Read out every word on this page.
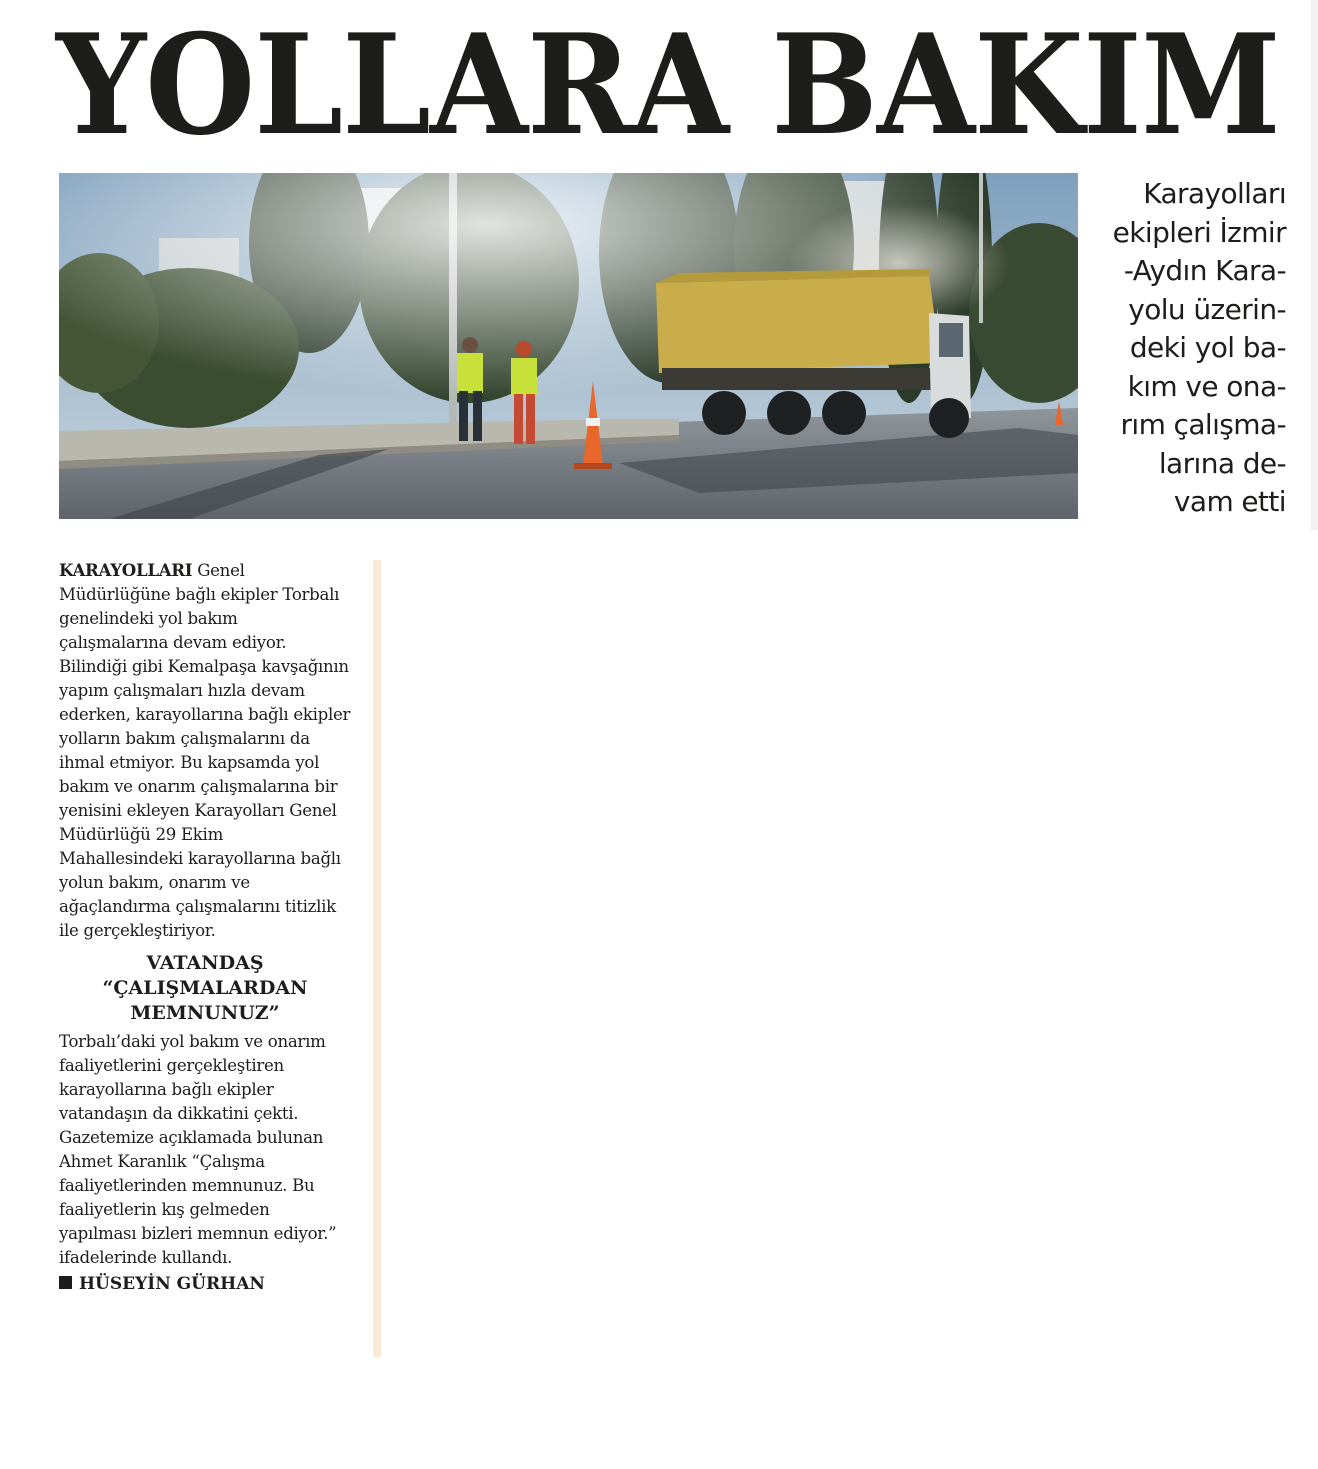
YOLLARA BAKIM
Karayolları
ekipleri İzmir
-Aydın Kara-
yolu üzerin-
deki yol ba-
kım ve ona-
rım çalışma-
larına de-
vam etti

KARAYOLLARI Genel Müdürlüğüne bağlı ekipler Torbalı genelindeki yol bakım çalışmalarına devam ediyor. Bilindiği gibi Kemalpaşa kavşağının yapım çalışmaları hızla devam ederken, karayollarına bağlı ekipler yolların bakım çalışmalarını da ihmal etmiyor. Bu kapsamda yol bakım ve onarım çalışmalarına bir yenisini ekleyen Karayolları Genel Müdürlüğü 29 Ekim Mahallesindeki karayollarına bağlı yolun bakım, onarım ve ağaçlandırma çalışmalarını titizlik ile gerçekleştiriyor.

VATANDAŞ
“ÇALIŞMALARDAN
MEMNUNUZ”

Torbalı’daki yol bakım ve onarım faaliyetlerini gerçekleştiren karayollarına bağlı ekipler vatandaşın da dikkatini çekti. Gazetemize açıklamada bulunan Ahmet Karanlık “Çalışma faaliyetlerinden memnunuz. Bu faaliyetlerin kış gelmeden yapılması bizleri memnun ediyor.” ifadelerinde kullandı.

HÜSEYİN GÜRHAN
